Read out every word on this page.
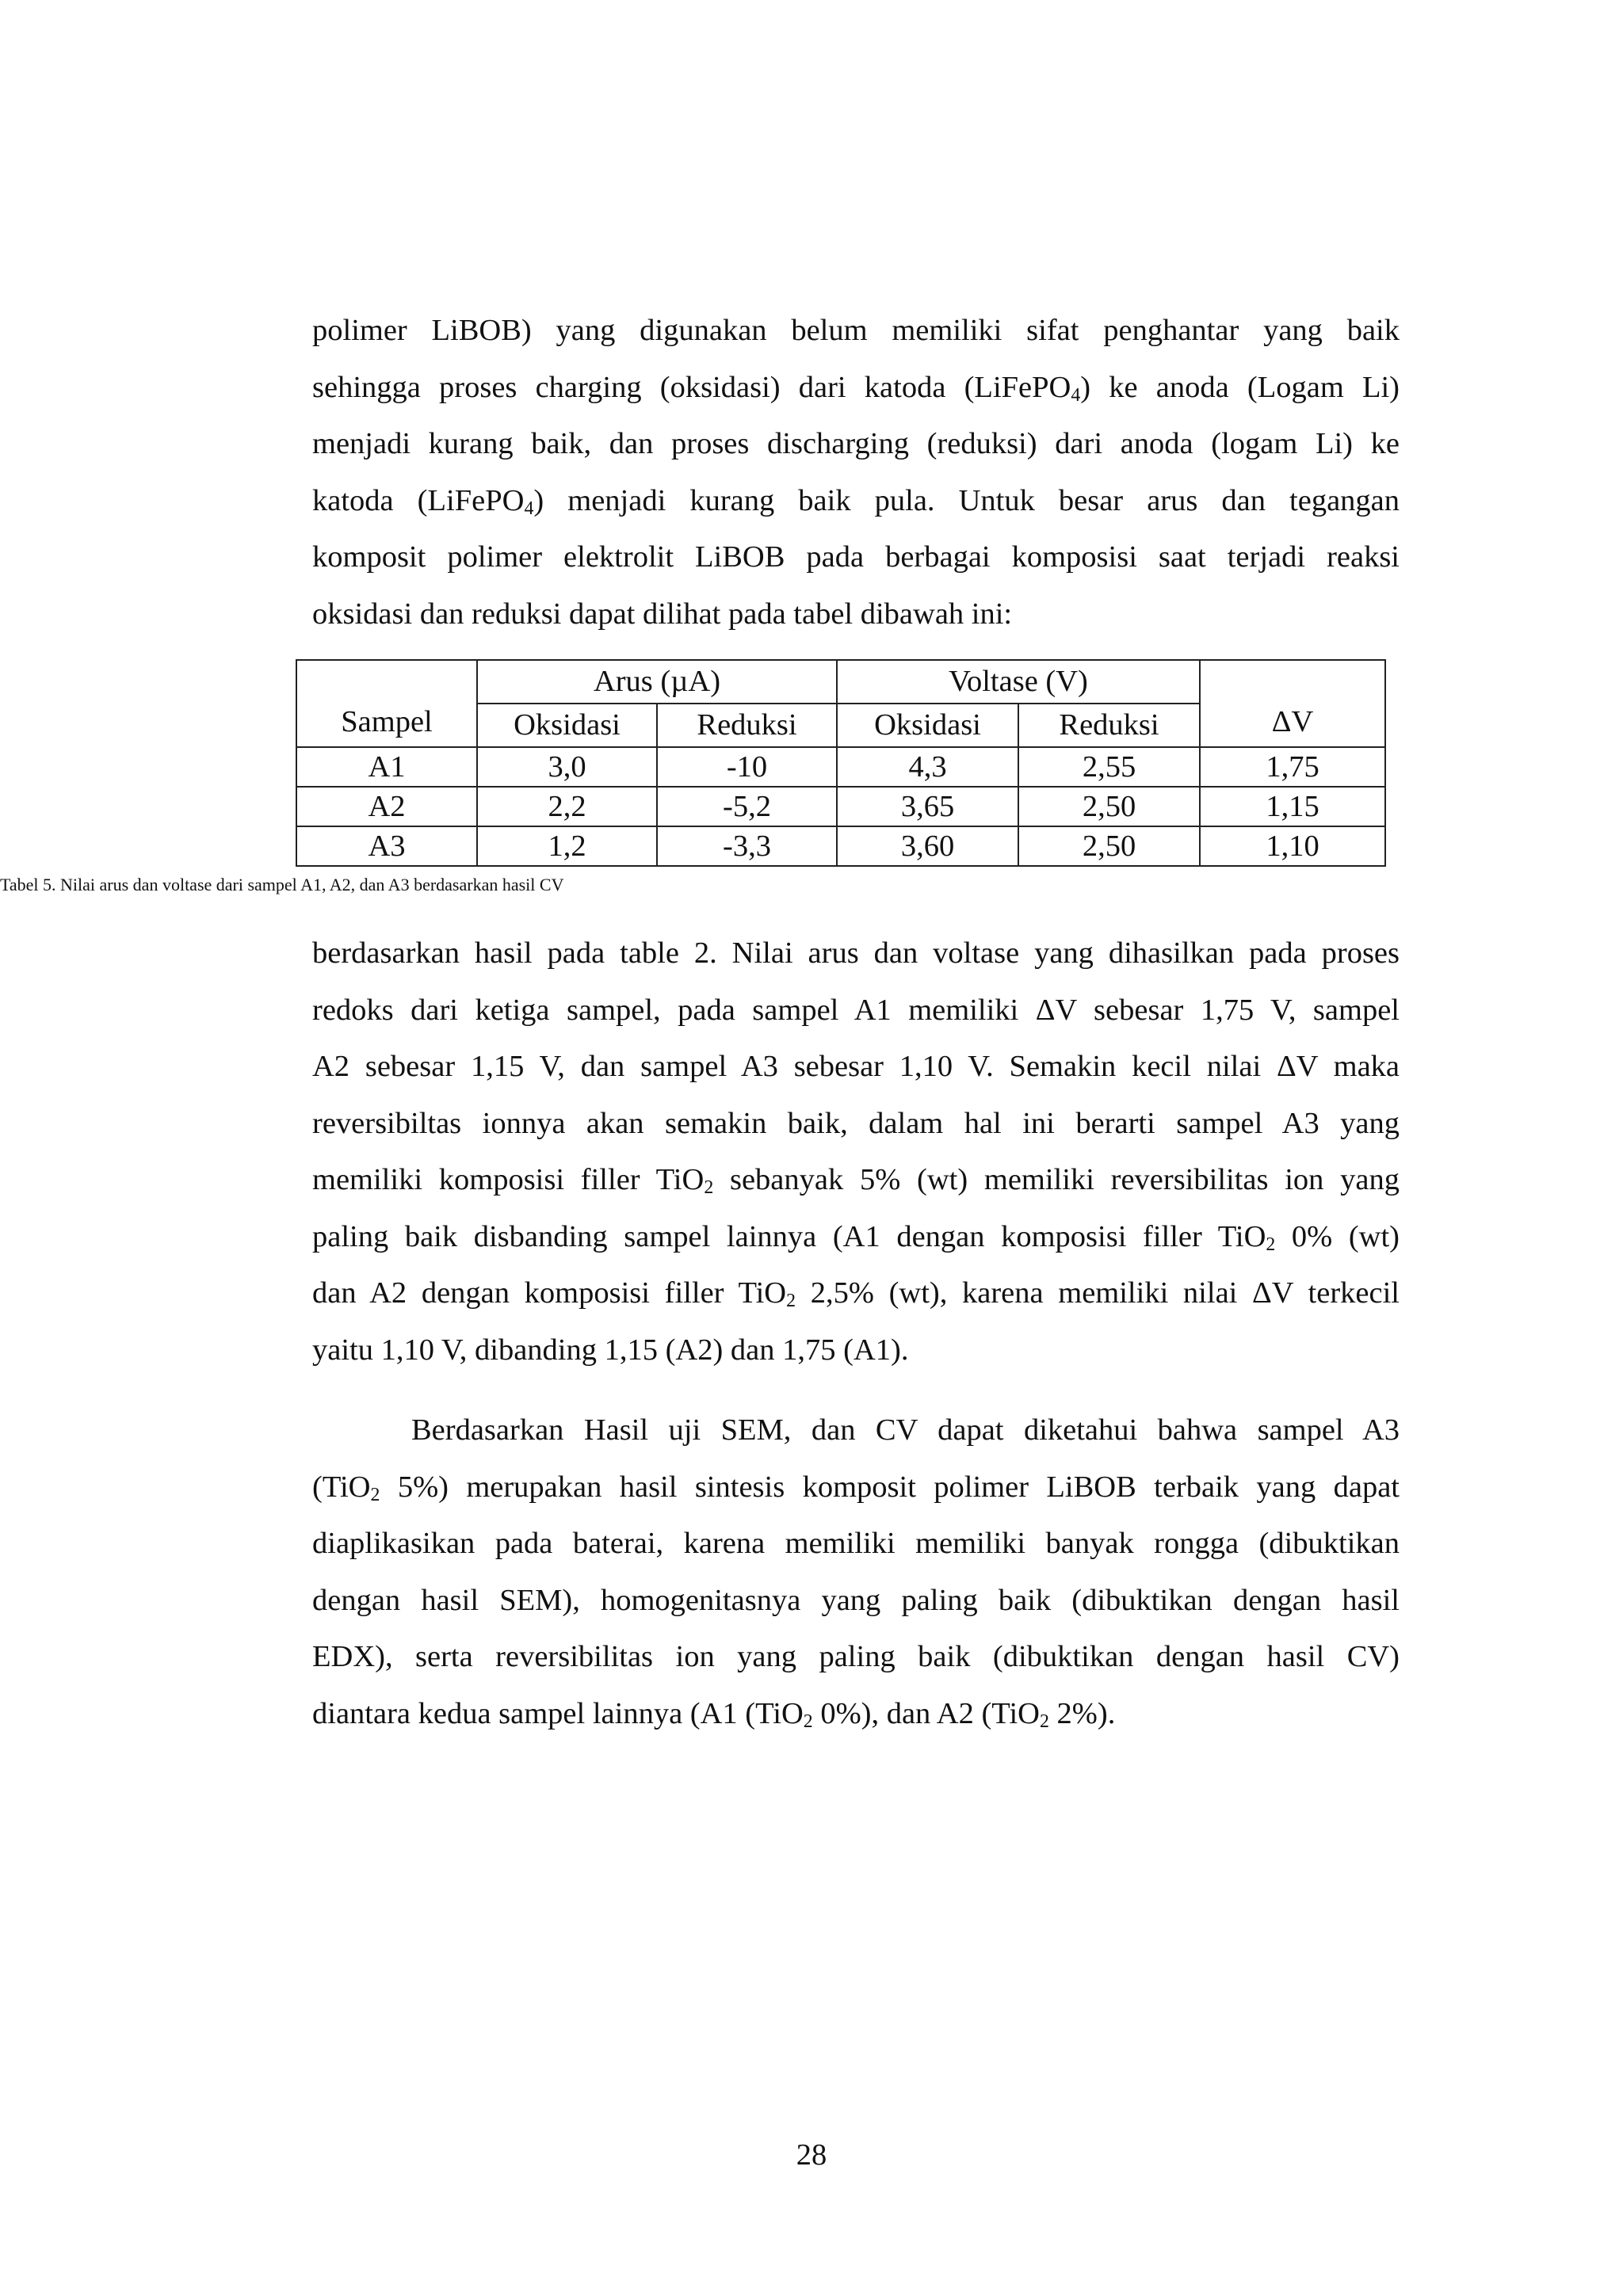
polimer LiBOB) yang digunakan belum memiliki sifat penghantar yang baik
sehingga proses charging (oksidasi) dari katoda (LiFePO$_4$) ke anoda (Logam Li)
menjadi kurang baik, dan proses discharging (reduksi) dari anoda (logam Li) ke
katoda (LiFePO$_4$) menjadi kurang baik pula. Untuk besar arus dan tegangan
komposit polimer elektrolit LiBOB pada berbagai komposisi saat terjadi reaksi
oksidasi dan reduksi dapat dilihat pada tabel dibawah ini:

Sampel	Arus (µA)		Voltase (V)		ΔV
	Oksidasi	Reduksi	Oksidasi	Reduksi	
A1	3,0	-10	4,3	2,55	1,75
A2	2,2	-5,2	3,65	2,50	1,15
A3	1,2	-3,3	3,60	2,50	1,10
Tabel 5. Nilai arus dan voltase dari sampel A1, A2, dan A3 berdasarkan hasil CV

berdasarkan hasil pada table 2. Nilai arus dan voltase yang dihasilkan pada proses
redoks dari ketiga sampel, pada sampel A1 memiliki ΔV sebesar 1,75 V, sampel
A2 sebesar 1,15 V, dan sampel A3 sebesar 1,10 V. Semakin kecil nilai ΔV maka
reversibiltas ionnya akan semakin baik, dalam hal ini berarti sampel A3 yang
memiliki komposisi filler TiO$_2$ sebanyak 5% (wt) memiliki reversibilitas ion yang
paling baik disbanding sampel lainnya (A1 dengan komposisi filler TiO$_2$ 0% (wt)
dan A2 dengan komposisi filler TiO$_2$ 2,5% (wt), karena memiliki nilai ΔV terkecil
yaitu 1,10 V, dibanding 1,15 (A2) dan 1,75 (A1).

Berdasarkan Hasil uji SEM, dan CV dapat diketahui bahwa sampel A3
(TiO$_2$ 5%) merupakan hasil sintesis komposit polimer LiBOB terbaik yang dapat
diaplikasikan pada baterai, karena memiliki memiliki banyak rongga (dibuktikan
dengan hasil SEM), homogenitasnya yang paling baik (dibuktikan dengan hasil
EDX), serta reversibilitas ion yang paling baik (dibuktikan dengan hasil CV)
diantara kedua sampel lainnya (A1 (TiO$_2$ 0%), dan A2 (TiO$_2$ 2%).

28
